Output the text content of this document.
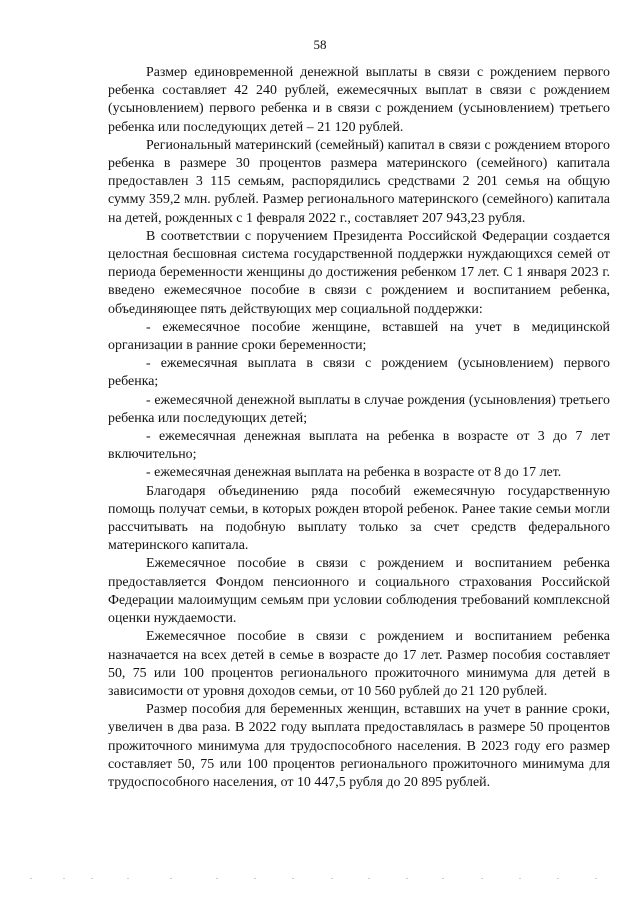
58

Размер единовременной денежной выплаты в связи с рождением первого ребенка составляет 42 240 рублей, ежемесячных выплат в связи с рождением (усыновлением) первого ребенка и в связи с рождением (усыновлением) третьего ребенка или последующих детей – 21 120 рублей.

Региональный материнский (семейный) капитал в связи с рождением второго ребенка в размере 30 процентов размера материнского (семейного) капитала предоставлен 3 115 семьям, распорядились средствами 2 201 семья на общую сумму 359,2 млн. рублей. Размер регионального материнского (семейного) капитала на детей, рожденных с 1 февраля 2022 г., составляет 207 943,23 рубля.

В соответствии с поручением Президента Российской Федерации создается целостная бесшовная система государственной поддержки нуждающихся семей от периода беременности женщины до достижения ребенком 17 лет. С 1 января 2023 г. введено ежемесячное пособие в связи с рождением и воспитанием ребенка, объединяющее пять действующих мер социальной поддержки:

- ежемесячное пособие женщине, вставшей на учет в медицинской организации в ранние сроки беременности;

- ежемесячная выплата в связи с рождением (усыновлением) первого ребенка;

- ежемесячной денежной выплаты в случае рождения (усыновления) третьего ребенка или последующих детей;

- ежемесячная денежная выплата на ребенка в возрасте от 3 до 7 лет включительно;

- ежемесячная денежная выплата на ребенка в возрасте от 8 до 17 лет.

Благодаря объединению ряда пособий ежемесячную государственную помощь получат семьи, в которых рожден второй ребенок. Ранее такие семьи могли рассчитывать на подобную выплату только за счет средств федерального материнского капитала.

Ежемесячное пособие в связи с рождением и воспитанием ребенка предоставляется Фондом пенсионного и социального страхования Российской Федерации малоимущим семьям при условии соблюдения требований комплексной оценки нуждаемости.

Ежемесячное пособие в связи с рождением и воспитанием ребенка назначается на всех детей в семье в возрасте до 17 лет. Размер пособия составляет 50, 75 или 100 процентов регионального прожиточного минимума для детей в зависимости от уровня доходов семьи, от 10 560 рублей до 21 120 рублей.

Размер пособия для беременных женщин, вставших на учет в ранние сроки, увеличен в два раза. В 2022 году выплата предоставлялась в размере 50 процентов прожиточного минимума для трудоспособного населения. В 2023 году его размер составляет 50, 75 или 100 процентов регионального прожиточного минимума для трудоспособного населения, от 10 447,5 рубля до 20 895 рублей.
